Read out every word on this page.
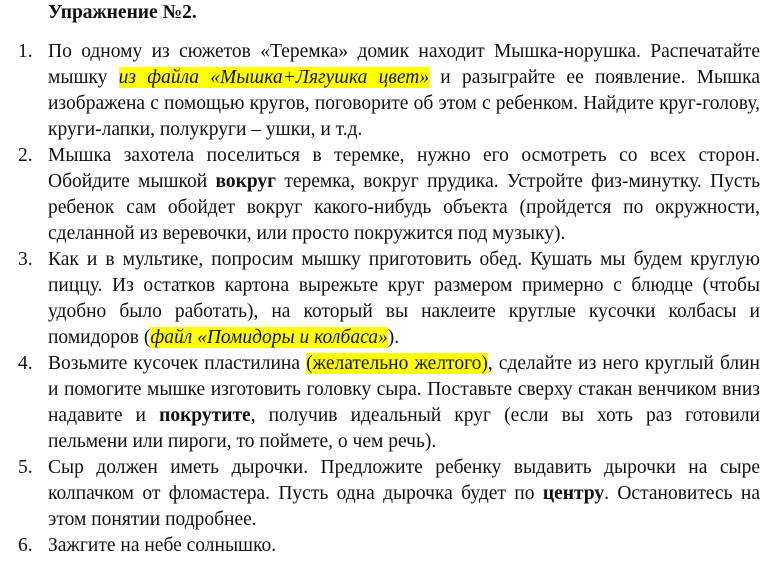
Упражнение №2.
1. По одному из сюжетов «Теремка» домик находит Мышка-норушка. Распечатайте мышку из файла «Мышка+Лягушка цвет» и разыграйте ее появление. Мышка изображена с помощью кругов, поговорите об этом с ребенком. Найдите круг-голову, круги-лапки, полукруги – ушки, и т.д.
2. Мышка захотела поселиться в теремке, нужно его осмотреть со всех сторон. Обойдите мышкой вокруг теремка, вокруг прудика. Устройте физ-минутку. Пусть ребенок сам обойдет вокруг какого-нибудь объекта (пройдется по окружности, сделанной из веревочки, или просто покружится под музыку).
3. Как и в мультике, попросим мышку приготовить обед. Кушать мы будем круглую пиццу. Из остатков картона вырежьте круг размером примерно с блюдце (чтобы удобно было работать), на который вы наклеите круглые кусочки колбасы и помидоров (файл «Помидоры и колбаса»).
4. Возьмите кусочек пластилина (желательно желтого), сделайте из него круглый блин и помогите мышке изготовить головку сыра. Поставьте сверху стакан венчиком вниз надавите и покрутите, получив идеальный круг (если вы хоть раз готовили пельмени или пироги, то поймете, о чем речь).
5. Сыр должен иметь дырочки. Предложите ребенку выдавить дырочки на сыре колпачком от фломастера. Пусть одна дырочка будет по центру. Остановитесь на этом понятии подробнее.
6. Зажгите на небе солнышко.
